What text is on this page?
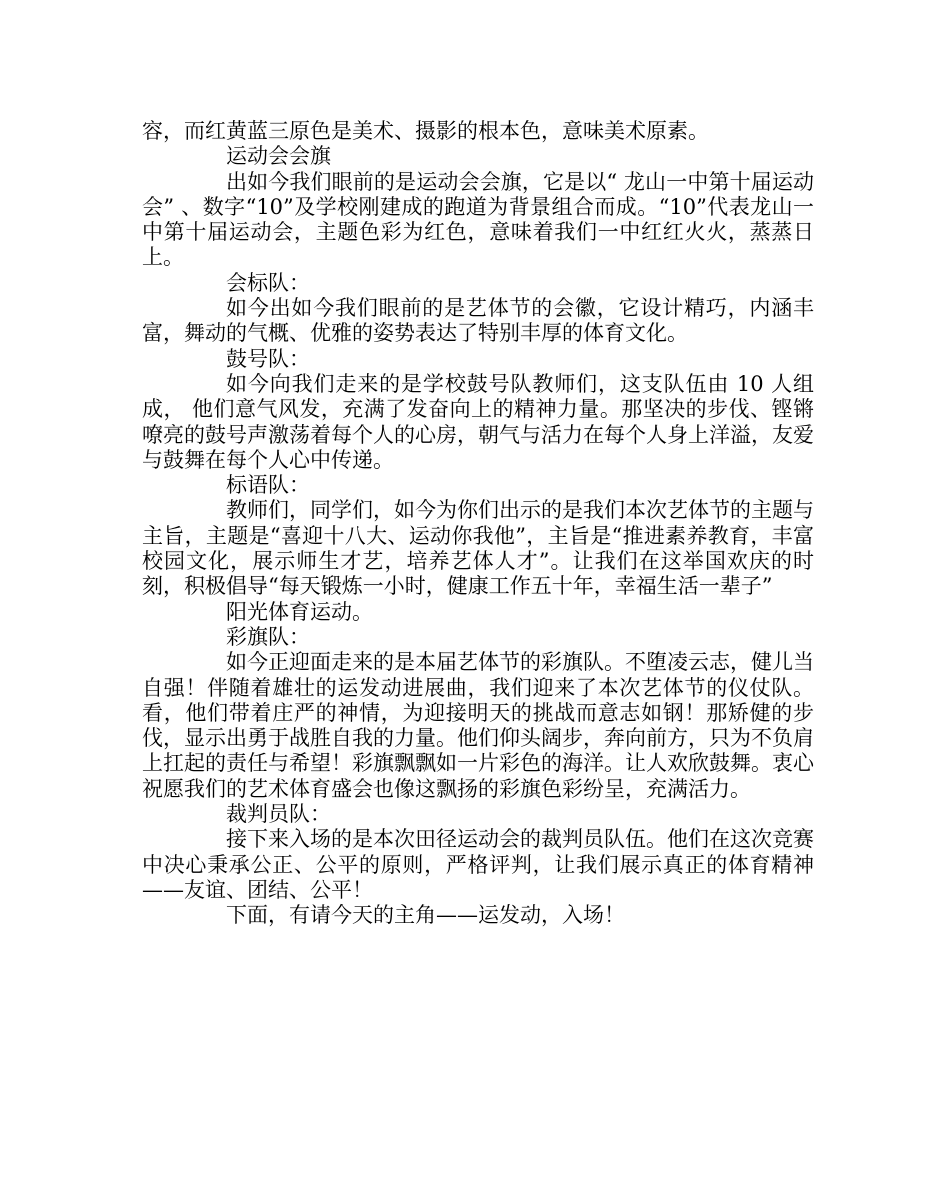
容，而红黄蓝三原色是美术、摄影的根本色，意味美术原素。

运动会会旗

出如今我们眼前的是运动会会旗，它是以“ 龙山一中第十届运动会” 、数字“10”及学校刚建成的跑道为背景组合而成。“10”代表龙山一中第十届运动会，主题色彩为红色，意味着我们一中红红火火，蒸蒸日上。

会标队：

如今出如今我们眼前的是艺体节的会徽，它设计精巧，内涵丰富，舞动的气概、优雅的姿势表达了特别丰厚的体育文化。

鼓号队：

如今向我们走来的是学校鼓号队教师们，这支队伍由 10 人组成， 他们意气风发，充满了发奋向上的精神力量。那坚决的步伐、铿锵嘹亮的鼓号声激荡着每个人的心房，朝气与活力在每个人身上洋溢，友爱与鼓舞在每个人心中传递。

标语队：

教师们，同学们，如今为你们出示的是我们本次艺体节的主题与主旨，主题是“喜迎十八大、运动你我他”，主旨是“推进素养教育，丰富校园文化，展示师生才艺，培养艺体人才”。让我们在这举国欢庆的时刻，积极倡导“每天锻炼一小时，健康工作五十年，幸福生活一辈子”

阳光体育运动。

彩旗队：

如今正迎面走来的是本届艺体节的彩旗队。不堕凌云志，健儿当自强！伴随着雄壮的运发动进展曲，我们迎来了本次艺体节的仪仗队。看，他们带着庄严的神情，为迎接明天的挑战而意志如钢！那矫健的步伐，显示出勇于战胜自我的力量。他们仰头阔步，奔向前方，只为不负肩上扛起的责任与希望！彩旗飘飘如一片彩色的海洋。让人欢欣鼓舞。衷心祝愿我们的艺术体育盛会也像这飘扬的彩旗色彩纷呈，充满活力。

裁判员队：

接下来入场的是本次田径运动会的裁判员队伍。他们在这次竞赛中决心秉承公正、公平的原则，严格评判，让我们展示真正的体育精神——友谊、团结、公平！

下面，有请今天的主角——运发动，入场！
